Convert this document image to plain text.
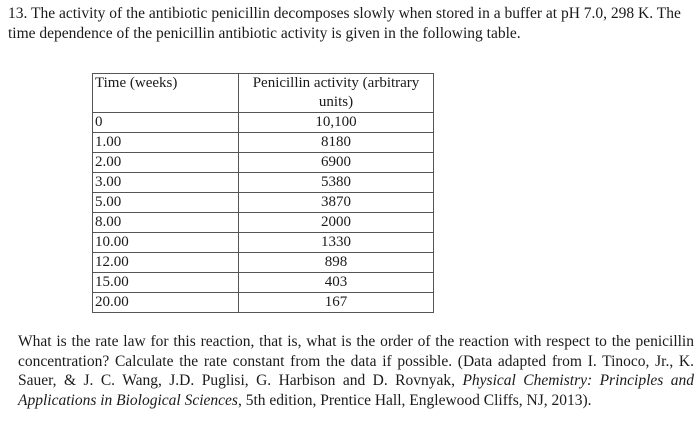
13. The activity of the antibiotic penicillin decomposes slowly when stored in a buffer at pH 7.0, 298 K. The time dependence of the penicillin antibiotic activity is given in the following table.

Time (weeks)	Penicillin activity (arbitrary units)
0	10,100
1.00	8180
2.00	6900
3.00	5380
5.00	3870
8.00	2000
10.00	1330
12.00	898
15.00	403
20.00	167

What is the rate law for this reaction, that is, what is the order of the reaction with respect to the penicillin concentration? Calculate the rate constant from the data if possible. (Data adapted from I. Tinoco, Jr., K. Sauer, & J. C. Wang, J.D. Puglisi, G. Harbison and D. Rovnyak, Physical Chemistry: Principles and Applications in Biological Sciences, 5th edition, Prentice Hall, Englewood Cliffs, NJ, 2013).
